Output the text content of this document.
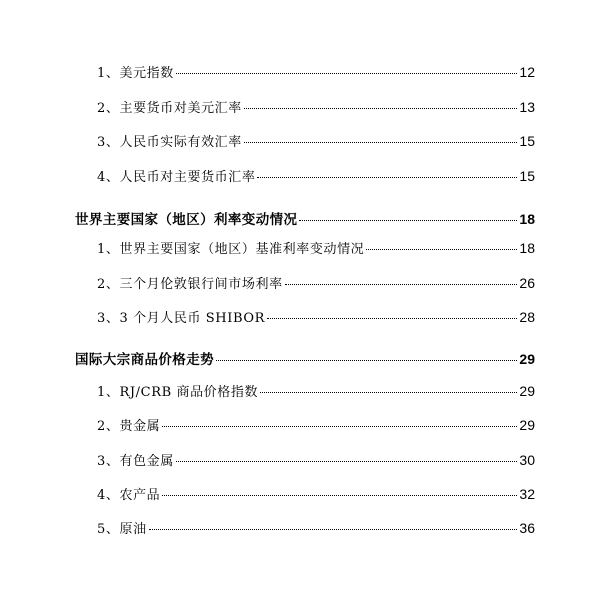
1、美元指数	12
2、主要货币对美元汇率	13
3、人民币实际有效汇率	15
4、人民币对主要货币汇率	15
世界主要国家（地区）利率变动情况	18
1、世界主要国家（地区）基准利率变动情况	18
2、三个月伦敦银行间市场利率	26
3、3 个月人民币 SHIBOR	28
国际大宗商品价格走势	29
1、RJ/CRB 商品价格指数	29
2、贵金属	29
3、有色金属	30
4、农产品	32
5、原油	36
